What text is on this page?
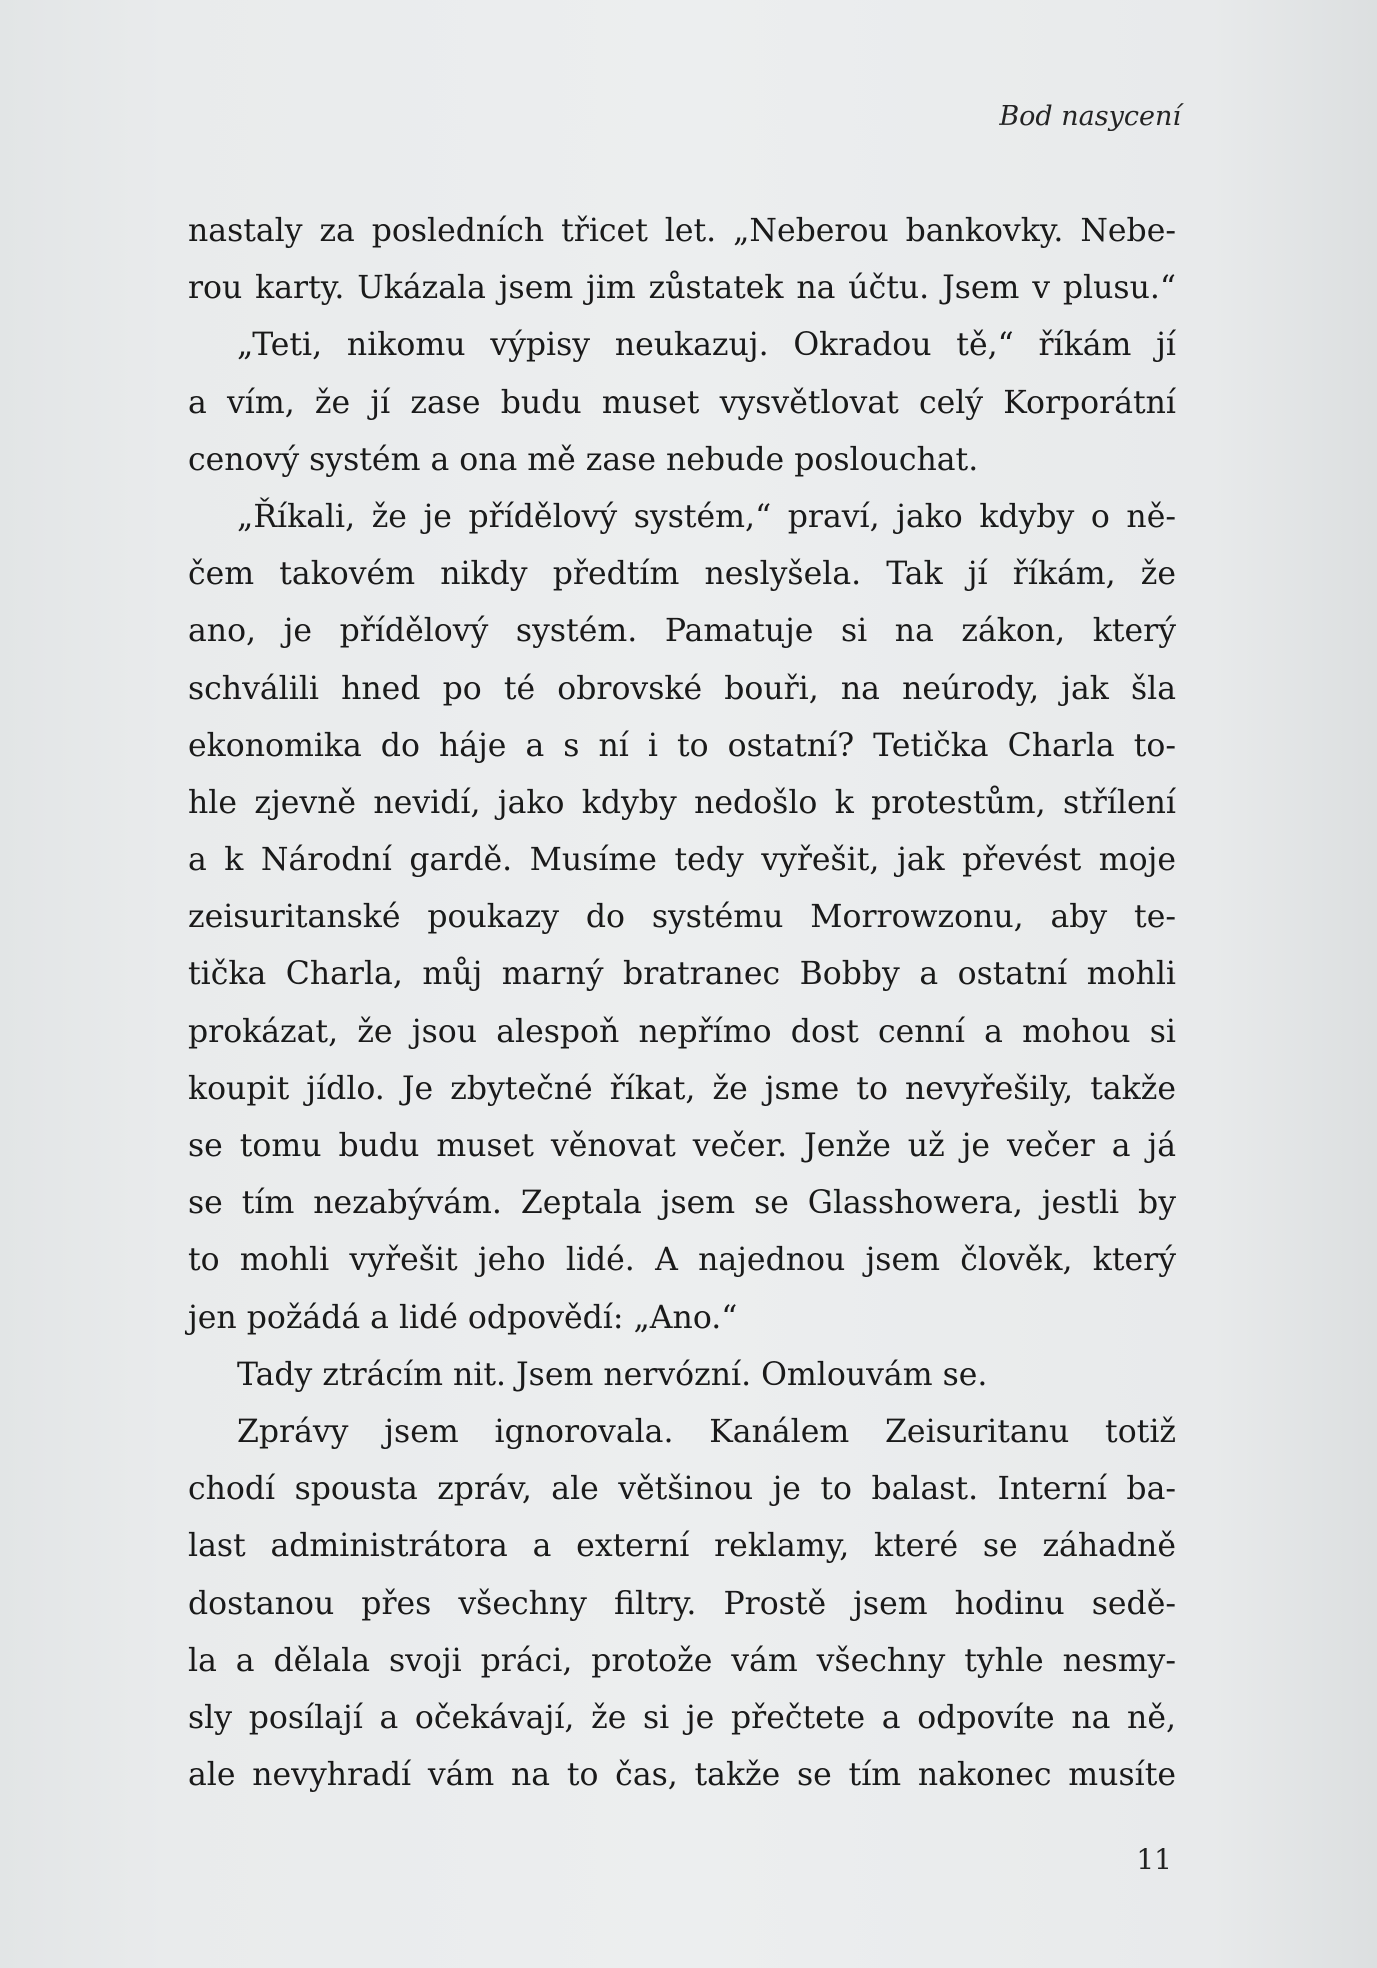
Bod nasycení
nastaly za posledních třicet let. „Neberou bankovky. Nebe-
rou karty. Ukázala jsem jim zůstatek na účtu. Jsem v plusu.“
„Teti, nikomu výpisy neukazuj. Okradou tě,“ říkám jí
a vím, že jí zase budu muset vysvětlovat celý Korporátní
cenový systém a ona mě zase nebude poslouchat.
„Říkali, že je přídělový systém,“ praví, jako kdyby o ně-
čem takovém nikdy předtím neslyšela. Tak jí říkám, že
ano, je přídělový systém. Pamatuje si na zákon, který
schválili hned po té obrovské bouři, na neúrody, jak šla
ekonomika do háje a s ní i to ostatní? Tetička Charla to-
hle zjevně nevidí, jako kdyby nedošlo k protestům, střílení
a k Národní gardě. Musíme tedy vyřešit, jak převést moje
zeisuritanské poukazy do systému Morrowzonu, aby te-
tička Charla, můj marný bratranec Bobby a ostatní mohli
prokázat, že jsou alespoň nepřímo dost cenní a mohou si
koupit jídlo. Je zbytečné říkat, že jsme to nevyřešily, takže
se tomu budu muset věnovat večer. Jenže už je večer a já
se tím nezabývám. Zeptala jsem se Glasshowera, jestli by
to mohli vyřešit jeho lidé. A najednou jsem člověk, který
jen požádá a lidé odpovědí: „Ano.“
Tady ztrácím nit. Jsem nervózní. Omlouvám se.
Zprávy jsem ignorovala. Kanálem Zeisuritanu totiž
chodí spousta zpráv, ale většinou je to balast. Interní ba-
last administrátora a externí reklamy, které se záhadně
dostanou přes všechny filtry. Prostě jsem hodinu sedě-
la a dělala svoji práci, protože vám všechny tyhle nesmy-
sly posílají a očekávají, že si je přečtete a odpovíte na ně,
ale nevyhradí vám na to čas, takže se tím nakonec musíte
11
